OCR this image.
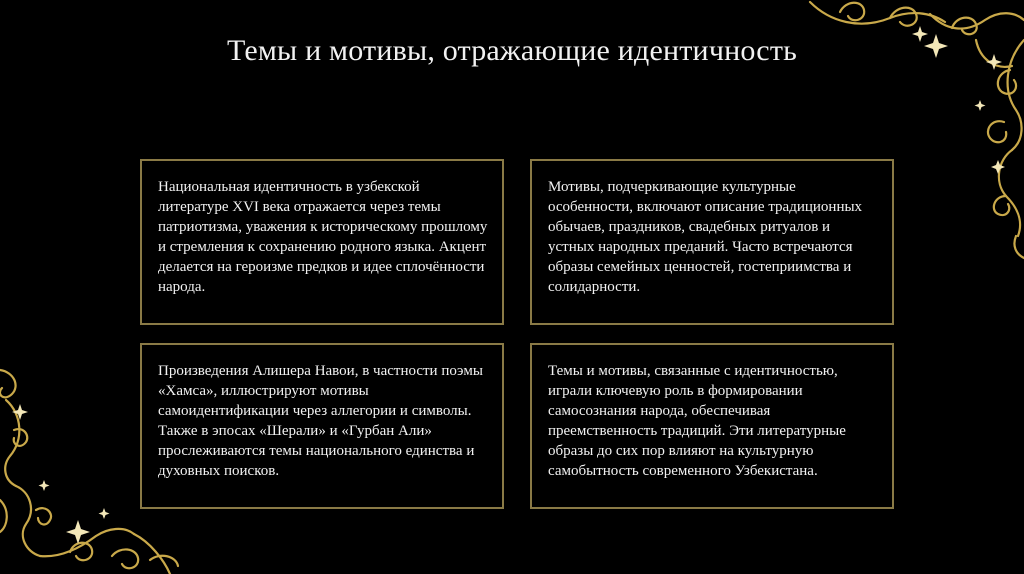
Темы и мотивы, отражающие идентичность

Национальная идентичность в узбекской литературе XVI века отражается через темы патриотизма, уважения к историческому прошлому и стремления к сохранению родного языка. Акцент делается на героизме предков и идее сплочённости народа.

Мотивы, подчеркивающие культурные особенности, включают описание традиционных обычаев, праздников, свадебных ритуалов и устных народных преданий. Часто встречаются образы семейных ценностей, гостеприимства и солидарности.

Произведения Алишера Навои, в частности поэмы «Хамса», иллюстрируют мотивы самоидентификации через аллегории и символы. Также в эпосах «Шерали» и «Гурбан Али» прослеживаются темы национального единства и духовных поисков.

Темы и мотивы, связанные с идентичностью, играли ключевую роль в формировании самосознания народа, обеспечивая преемственность традиций. Эти литературные образы до сих пор влияют на культурную самобытность современного Узбекистана.
